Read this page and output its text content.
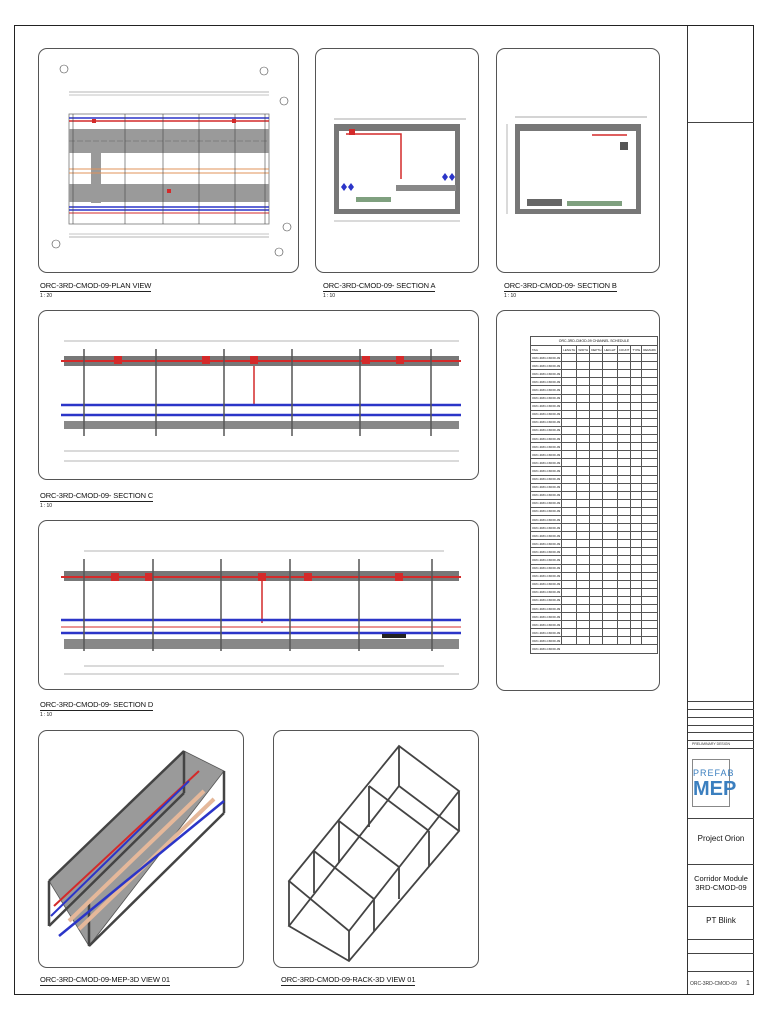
ORC-3RD-CMOD-09-PLAN VIEW
1 : 20
ORC-3RD-CMOD-09- SECTION A
1 : 10
ORC-3RD-CMOD-09- SECTION B
1 : 10
ORC-3RD-CMOD-09- SECTION C
1 : 10
ORC-3RD-CMOD-09 CHANNEL SCHEDULE							
TAG	LENGTH	WIDTH	DEPTH	HEIGHT	COUNT	TYPE	REMARK
ORC-3RD-CMOD-09							
ORC-3RD-CMOD-09							
ORC-3RD-CMOD-09							
ORC-3RD-CMOD-09							
ORC-3RD-CMOD-09							
ORC-3RD-CMOD-09							
ORC-3RD-CMOD-09							
ORC-3RD-CMOD-09							
ORC-3RD-CMOD-09							
ORC-3RD-CMOD-09							
ORC-3RD-CMOD-09							
ORC-3RD-CMOD-09							
ORC-3RD-CMOD-09							
ORC-3RD-CMOD-09							
ORC-3RD-CMOD-09							
ORC-3RD-CMOD-09							
ORC-3RD-CMOD-09							
ORC-3RD-CMOD-09							
ORC-3RD-CMOD-09							
ORC-3RD-CMOD-09							
ORC-3RD-CMOD-09							
ORC-3RD-CMOD-09							
ORC-3RD-CMOD-09							
ORC-3RD-CMOD-09							
ORC-3RD-CMOD-09							
ORC-3RD-CMOD-09							
ORC-3RD-CMOD-09							
ORC-3RD-CMOD-09							
ORC-3RD-CMOD-09							
ORC-3RD-CMOD-09							
ORC-3RD-CMOD-09							
ORC-3RD-CMOD-09							
ORC-3RD-CMOD-09							
ORC-3RD-CMOD-09							
ORC-3RD-CMOD-09							
ORC-3RD-CMOD-09							
ORC-3RD-CMOD-09							
ORC-3RD-CMOD-09- SECTION D
1 : 10
ORC-3RD-CMOD-09-MEP-3D VIEW 01	ORC-3RD-CMOD-09-RACK-3D VIEW 01
PRELIMINARY DESIGN
Project Orion
Corridor Module
3RD-CMOD-09
PT Blink
ORC-3RD-CMOD-09 1
PREFAB
MEP
